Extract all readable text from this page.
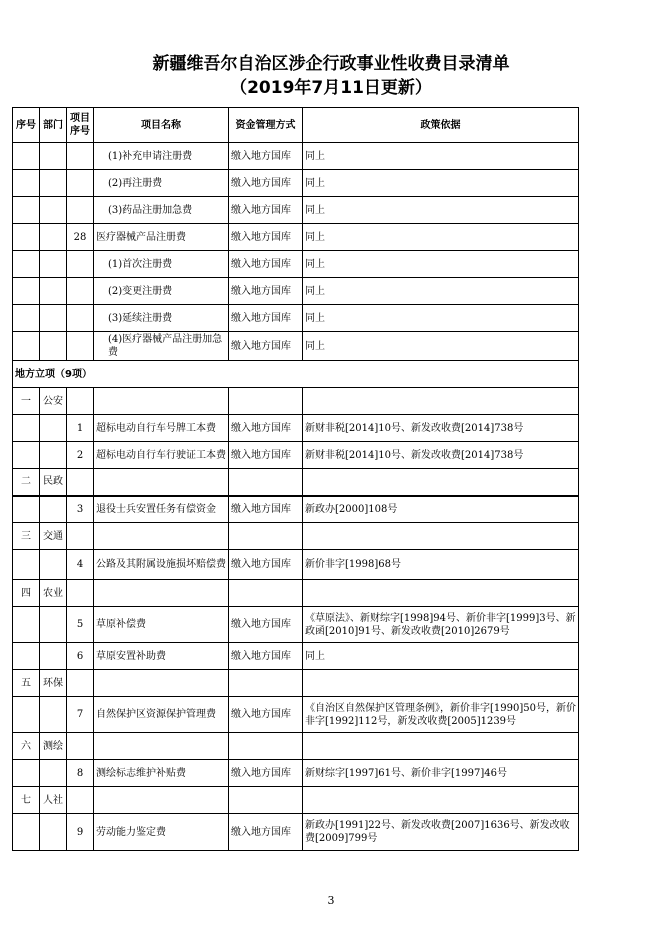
新疆维吾尔自治区涉企行政事业性收费目录清单
（2019年7月11日更新）
序号	部门	项目序号	项目名称	资金管理方式	政策依据
			(1)补充申请注册费	缴入地方国库	同上
			(2)再注册费	缴入地方国库	同上
			(3)药品注册加急费	缴入地方国库	同上
		28	医疗器械产品注册费	缴入地方国库	同上
			(1)首次注册费	缴入地方国库	同上
			(2)变更注册费	缴入地方国库	同上
			(3)延续注册费	缴入地方国库	同上
			(4)医疗器械产品注册加急费	缴入地方国库	同上
地方立项（9项）					
一	公安				
		1	超标电动自行车号牌工本费	缴入地方国库	新财非税[2014]10号、新发改收费[2014]738号
		2	超标电动自行车行驶证工本费	缴入地方国库	新财非税[2014]10号、新发改收费[2014]738号
二	民政				
		3	退役士兵安置任务有偿资金	缴入地方国库	新政办[2000]108号
三	交通				
		4	公路及其附属设施损坏赔偿费	缴入地方国库	新价非字[1998]68号
四	农业				
		5	草原补偿费	缴入地方国库	《草原法》、新财综字[1998]94号、新价非字[1999]3号、新政函[2010]91号、新发改收费[2010]2679号
		6	草原安置补助费	缴入地方国库	同上
五	环保				
		7	自然保护区资源保护管理费	缴入地方国库	《自治区自然保护区管理条例》，新价非字[1990]50号，新价非字[1992]112号，新发改收费[2005]1239号
六	测绘				
		8	测绘标志维护补贴费	缴入地方国库	新财综字[1997]61号、新价非字[1997]46号
七	人社				
		9	劳动能力鉴定费	缴入地方国库	新政办[1991]22号、新发改收费[2007]1636号、新发改收费[2009]799号
3
